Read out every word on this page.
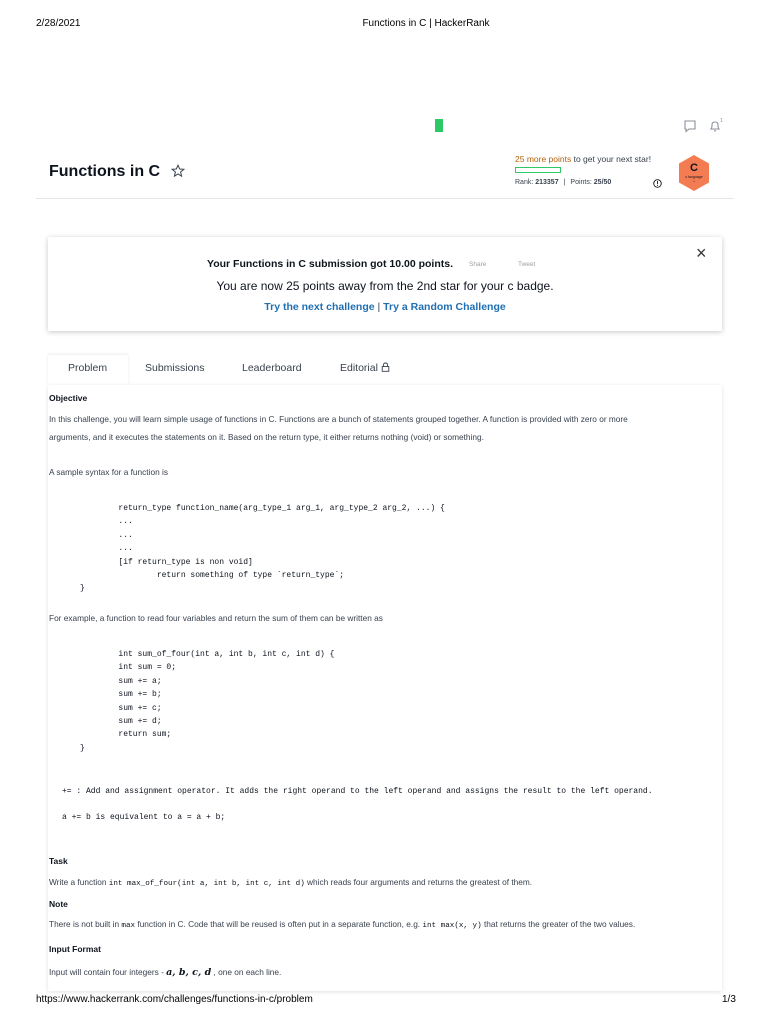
2/28/2021	Functions in C | HackerRank
1
Functions in C
25 more points to get your next star!
Rank: 213357 | Points: 25/50
C
c language
*
×
Your Functions in C submission got 10.00 points. Share	Tweet
You are now 25 points away from the 2nd star for your c badge.
Try the next challenge | Try a Random Challenge
Problem	Submissions	Leaderboard	Editorial
Objective
In this challenge, you will learn simple usage of functions in C. Functions are a bunch of statements grouped together. A function is provided with zero or more
arguments, and it executes the statements on it. Based on the return type, it either returns nothing (void) or something.
A sample syntax for a function is
return_type function_name(arg_type_1 arg_1, arg_type_2 arg_2, ...) {
...
...
...
[if return_type is non void]
return something of type `return_type`;
}
For example, a function to read four variables and return the sum of them can be written as
int sum_of_four(int a, int b, int c, int d) {
int sum = 0;
sum += a;
sum += b;
sum += c;
sum += d;
return sum;
}
+= : Add and assignment operator. It adds the right operand to the left operand and assigns the result to the left operand.
a += b is equivalent to a = a + b;
Task
Write a function int max_of_four(int a, int b, int c, int d) which reads four arguments and returns the greatest of them.
Note
There is not built in max function in C. Code that will be reused is often put in a separate function, e.g. int max(x, y) that returns the greater of the two values.
Input Format
Input will contain four integers - a, b, c, d , one on each line.
https://www.hackerrank.com/challenges/functions-in-c/problem	1/3
